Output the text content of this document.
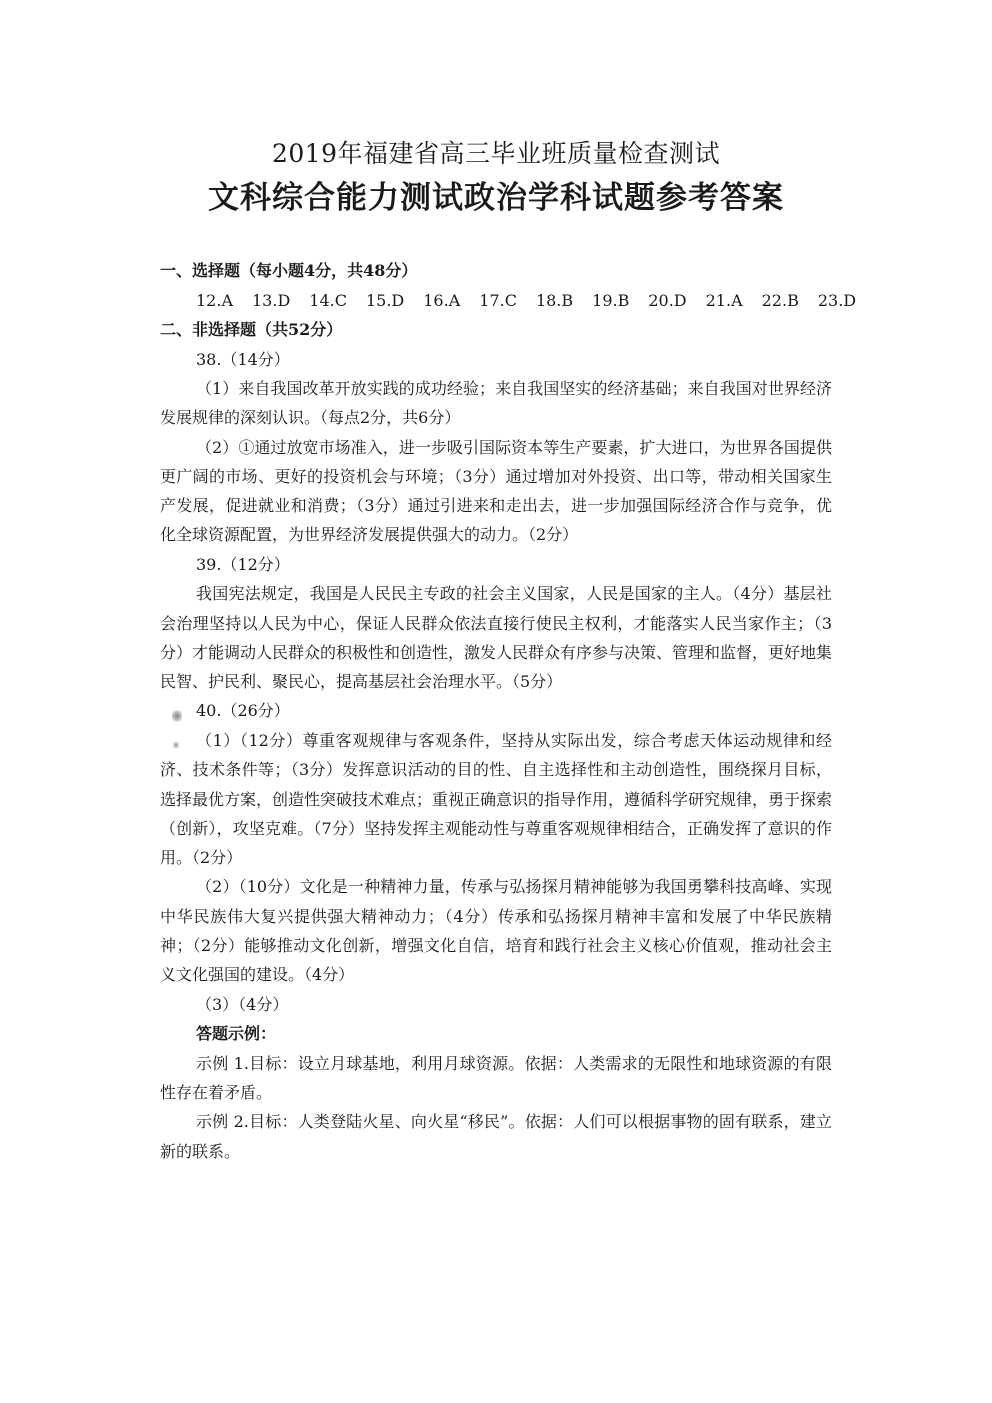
2019年福建省高三毕业班质量检查测试
文科综合能力测试政治学科试题参考答案
一、选择题（每小题4分，共48分）
12.A 13.D 14.C 15.D 16.A 17.C 18.B 19.B 20.D 21.A 22.B 23.D
二、非选择题（共52分）
38.（14分）
（1）来自我国改革开放实践的成功经验；来自我国坚实的经济基础；来自我国对世界经济发展规律的深刻认识。（每点2分，共6分）
（2）①通过放宽市场准入，进一步吸引国际资本等生产要素，扩大进口，为世界各国提供更广阔的市场、更好的投资机会与环境；（3分）通过增加对外投资、出口等，带动相关国家生产发展，促进就业和消费；（3分）通过引进来和走出去，进一步加强国际经济合作与竞争，优化全球资源配置，为世界经济发展提供强大的动力。（2分）
39.（12分）
我国宪法规定，我国是人民民主专政的社会主义国家，人民是国家的主人。（4分）基层社会治理坚持以人民为中心，保证人民群众依法直接行使民主权利，才能落实人民当家作主；（3分）才能调动人民群众的积极性和创造性，激发人民群众有序参与决策、管理和监督，更好地集民智、护民利、聚民心，提高基层社会治理水平。（5分）
40.（26分）
（1）（12分）尊重客观规律与客观条件，坚持从实际出发，综合考虑天体运动规律和经济、技术条件等；（3分）发挥意识活动的目的性、自主选择性和主动创造性，围绕探月目标，选择最优方案，创造性突破技术难点；重视正确意识的指导作用，遵循科学研究规律，勇于探索（创新），攻坚克难。（7分）坚持发挥主观能动性与尊重客观规律相结合，正确发挥了意识的作用。（2分）
（2）（10分）文化是一种精神力量，传承与弘扬探月精神能够为我国勇攀科技高峰、实现中华民族伟大复兴提供强大精神动力；（4分）传承和弘扬探月精神丰富和发展了中华民族精神；（2分）能够推动文化创新，增强文化自信，培育和践行社会主义核心价值观，推动社会主义文化强国的建设。（4分）
（3）（4分）
答题示例：
示例 1.目标：设立月球基地，利用月球资源。依据：人类需求的无限性和地球资源的有限性存在着矛盾。
示例 2.目标：人类登陆火星、向火星“移民”。依据：人们可以根据事物的固有联系，建立新的联系。
